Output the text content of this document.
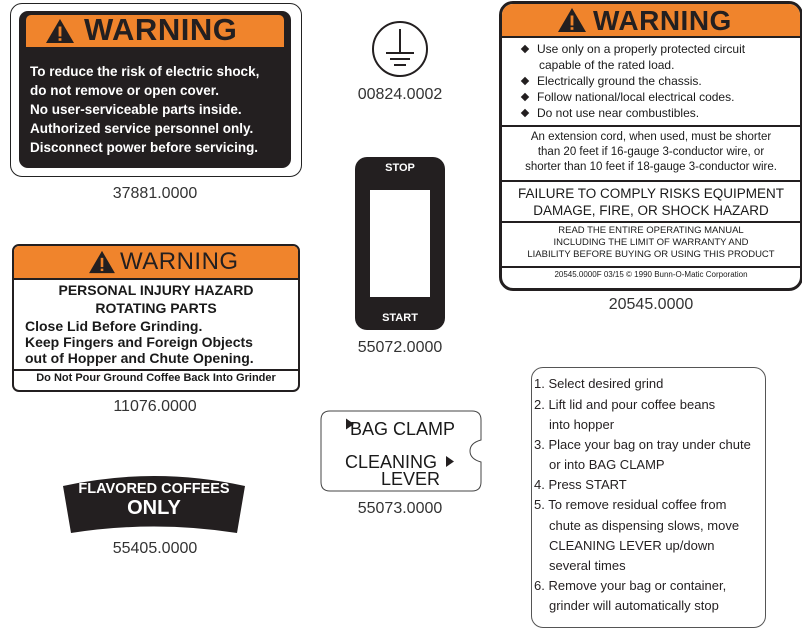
WARNING
To reduce the risk of electric shock,
do not remove or open cover.
No user-serviceable parts inside.
Authorized service personnel only.
Disconnect power before servicing.
37881.0000
00824.0002
STOP
START
55072.0000
WARNING
Use only on a properly protected circuit
capable of the rated load.
Electrically ground the chassis.
Follow national/local electrical codes.
Do not use near combustibles.
An extension cord, when used, must be shorter
than 20 feet if 16-gauge 3-conductor wire, or
shorter than 10 feet if 18-gauge 3-conductor wire.
FAILURE TO COMPLY RISKS EQUIPMENT
DAMAGE, FIRE, OR SHOCK HAZARD
READ THE ENTIRE OPERATING MANUAL
INCLUDING THE LIMIT OF WARRANTY AND
LIABILITY BEFORE BUYING OR USING THIS PRODUCT
20545.0000F 03/15 © 1990 Bunn-O-Matic Corporation
20545.0000
WARNING
PERSONAL INJURY HAZARD
ROTATING PARTS
Close Lid Before Grinding.
Keep Fingers and Foreign Objects
out of Hopper and Chute Opening.
Do Not Pour Ground Coffee Back Into Grinder
11076.0000
BAG CLAMP
CLEANING
LEVER
55073.0000
FLAVORED COFFEES
ONLY
55405.0000
1. Select desired grind
2. Lift lid and pour coffee beans
into hopper
3. Place your bag on tray under chute
or into BAG CLAMP
4. Press START
5. To remove residual coffee from
chute as dispensing slows, move
CLEANING LEVER up/down
several times
6. Remove your bag or container,
grinder will automatically stop
